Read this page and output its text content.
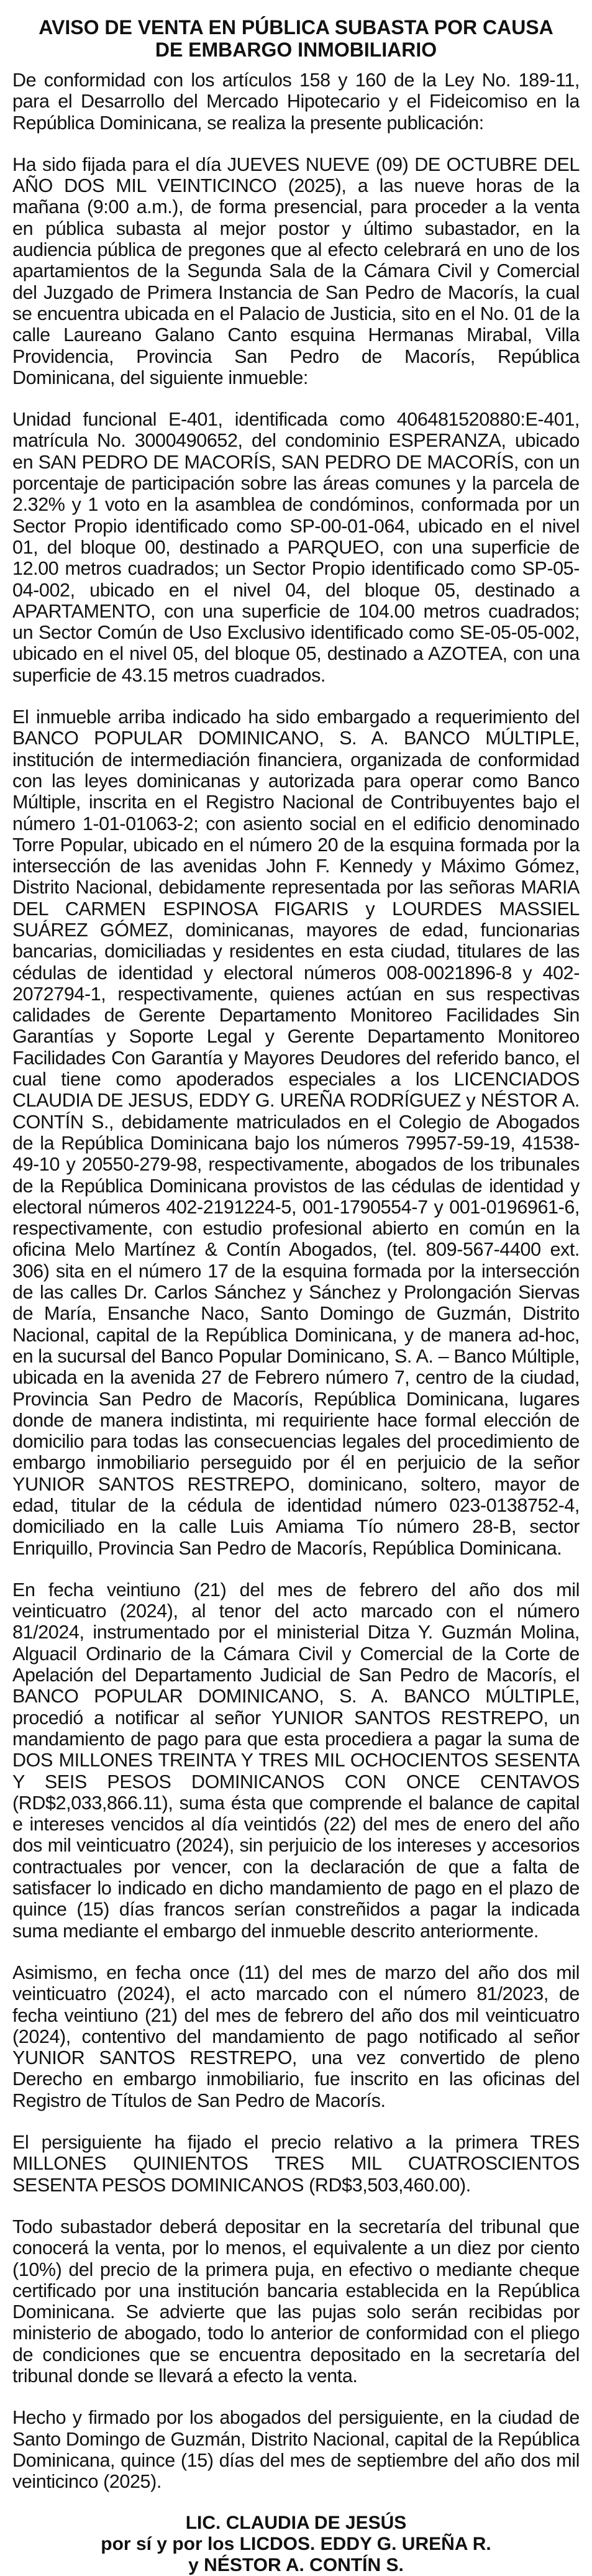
AVISO DE VENTA EN PÚBLICA SUBASTA POR CAUSA
DE EMBARGO INMOBILIARIO

De conformidad con los artículos 158 y 160 de la Ley No. 189-11, para el Desarrollo del Mercado Hipotecario y el Fideicomiso en la República Dominicana, se realiza la presente publicación:

Ha sido fijada para el día JUEVES NUEVE (09) DE OCTUBRE DEL AÑO DOS MIL VEINTICINCO (2025), a las nueve horas de la mañana (9:00 a.m.), de forma presencial, para proceder a la venta en pública subasta al mejor postor y último subastador, en la audiencia pública de pregones que al efecto celebrará en uno de los apartamientos de la Segunda Sala de la Cámara Civil y Comercial del Juzgado de Primera Instancia de San Pedro de Macorís, la cual se encuentra ubicada en el Palacio de Justicia, sito en el No. 01 de la calle Laureano Galano Canto esquina Hermanas Mirabal, Villa Providencia, Provincia San Pedro de Macorís, República Dominicana, del siguiente inmueble:

Unidad funcional E-401, identificada como 406481520880:E-401, matrícula No. 3000490652, del condominio ESPERANZA, ubicado en SAN PEDRO DE MACORÍS, SAN PEDRO DE MACORÍS, con un porcentaje de participación sobre las áreas comunes y la parcela de 2.32% y 1 voto en la asamblea de condóminos, conformada por un Sector Propio identificado como SP-00-01-064, ubicado en el nivel 01, del bloque 00, destinado a PARQUEO, con una superficie de 12.00 metros cuadrados; un Sector Propio identificado como SP-05-04-002, ubicado en el nivel 04, del bloque 05, destinado a APARTAMENTO, con una superficie de 104.00 metros cuadrados; un Sector Común de Uso Exclusivo identificado como SE-05-05-002, ubicado en el nivel 05, del bloque 05, destinado a AZOTEA, con una superficie de 43.15 metros cuadrados.

El inmueble arriba indicado ha sido embargado a requerimiento del BANCO POPULAR DOMINICANO, S. A. BANCO MÚLTIPLE, institución de intermediación financiera, organizada de conformidad con las leyes dominicanas y autorizada para operar como Banco Múltiple, inscrita en el Registro Nacional de Contribuyentes bajo el número 1-01-01063-2; con asiento social en el edificio denominado Torre Popular, ubicado en el número 20 de la esquina formada por la intersección de las avenidas John F. Kennedy y Máximo Gómez, Distrito Nacional, debidamente representada por las señoras MARIA DEL CARMEN ESPINOSA FIGARIS y LOURDES MASSIEL SUÁREZ GÓMEZ, dominicanas, mayores de edad, funcionarias bancarias, domiciliadas y residentes en esta ciudad, titulares de las cédulas de identidad y electoral números 008-0021896-8 y 402-2072794-1, respectivamente, quienes actúan en sus respectivas calidades de Gerente Departamento Monitoreo Facilidades Sin Garantías y Soporte Legal y Gerente Departamento Monitoreo Facilidades Con Garantía y Mayores Deudores del referido banco, el cual tiene como apoderados especiales a los LICENCIADOS CLAUDIA DE JESUS, EDDY G. UREÑA RODRÍGUEZ y NÉSTOR A. CONTÍN S., debidamente matriculados en el Colegio de Abogados de la República Dominicana bajo los números 79957-59-19, 41538-49-10 y 20550-279-98, respectivamente, abogados de los tribunales de la República Dominicana provistos de las cédulas de identidad y electoral números 402-2191224-5, 001-1790554-7 y 001-0196961-6, respectivamente, con estudio profesional abierto en común en la oficina Melo Martínez & Contín Abogados, (tel. 809-567-4400 ext. 306) sita en el número 17 de la esquina formada por la intersección de las calles Dr. Carlos Sánchez y Sánchez y Prolongación Siervas de María, Ensanche Naco, Santo Domingo de Guzmán, Distrito Nacional, capital de la República Dominicana, y de manera ad-hoc, en la sucursal del Banco Popular Dominicano, S. A. – Banco Múltiple, ubicada en la avenida 27 de Febrero número 7, centro de la ciudad, Provincia San Pedro de Macorís, República Dominicana, lugares donde de manera indistinta, mi requiriente hace formal elección de domicilio para todas las consecuencias legales del procedimiento de embargo inmobiliario perseguido por él en perjuicio de la señor YUNIOR SANTOS RESTREPO, dominicano, soltero, mayor de edad, titular de la cédula de identidad número 023-0138752-4, domiciliado en la calle Luis Amiama Tío número 28-B, sector Enriquillo, Provincia San Pedro de Macorís, República Dominicana.

En fecha veintiuno (21) del mes de febrero del año dos mil veinticuatro (2024), al tenor del acto marcado con el número 81/2024, instrumentado por el ministerial Ditza Y. Guzmán Molina, Alguacil Ordinario de la Cámara Civil y Comercial de la Corte de Apelación del Departamento Judicial de San Pedro de Macorís, el BANCO POPULAR DOMINICANO, S. A. BANCO MÚLTIPLE, procedió a notificar al señor YUNIOR SANTOS RESTREPO, un mandamiento de pago para que esta procediera a pagar la suma de DOS MILLONES TREINTA Y TRES MIL OCHOCIENTOS SESENTA Y SEIS PESOS DOMINICANOS CON ONCE CENTAVOS (RD$2,033,866.11), suma ésta que comprende el balance de capital e intereses vencidos al día veintidós (22) del mes de enero del año dos mil veinticuatro (2024), sin perjuicio de los intereses y accesorios contractuales por vencer, con la declaración de que a falta de satisfacer lo indicado en dicho mandamiento de pago en el plazo de quince (15) días francos serían constreñidos a pagar la indicada suma mediante el embargo del inmueble descrito anteriormente.

Asimismo, en fecha once (11) del mes de marzo del año dos mil veinticuatro (2024), el acto marcado con el número 81/2023, de fecha veintiuno (21) del mes de febrero del año dos mil veinticuatro (2024), contentivo del mandamiento de pago notificado al señor YUNIOR SANTOS RESTREPO, una vez convertido de pleno Derecho en embargo inmobiliario, fue inscrito en las oficinas del Registro de Títulos de San Pedro de Macorís.

El persiguiente ha fijado el precio relativo a la primera TRES MILLONES QUINIENTOS TRES MIL CUATROSCIENTOS SESENTA PESOS DOMINICANOS (RD$3,503,460.00).

Todo subastador deberá depositar en la secretaría del tribunal que conocerá la venta, por lo menos, el equivalente a un diez por ciento (10%) del precio de la primera puja, en efectivo o mediante cheque certificado por una institución bancaria establecida en la República Dominicana. Se advierte que las pujas solo serán recibidas por ministerio de abogado, todo lo anterior de conformidad con el pliego de condiciones que se encuentra depositado en la secretaría del tribunal donde se llevará a efecto la venta.

Hecho y firmado por los abogados del persiguiente, en la ciudad de Santo Domingo de Guzmán, Distrito Nacional, capital de la República Dominicana, quince (15) días del mes de septiembre del año dos mil veinticinco (2025).

LIC. CLAUDIA DE JESÚS
por sí y por los LICDOS. EDDY G. UREÑA R.
y NÉSTOR A. CONTÍN S.
